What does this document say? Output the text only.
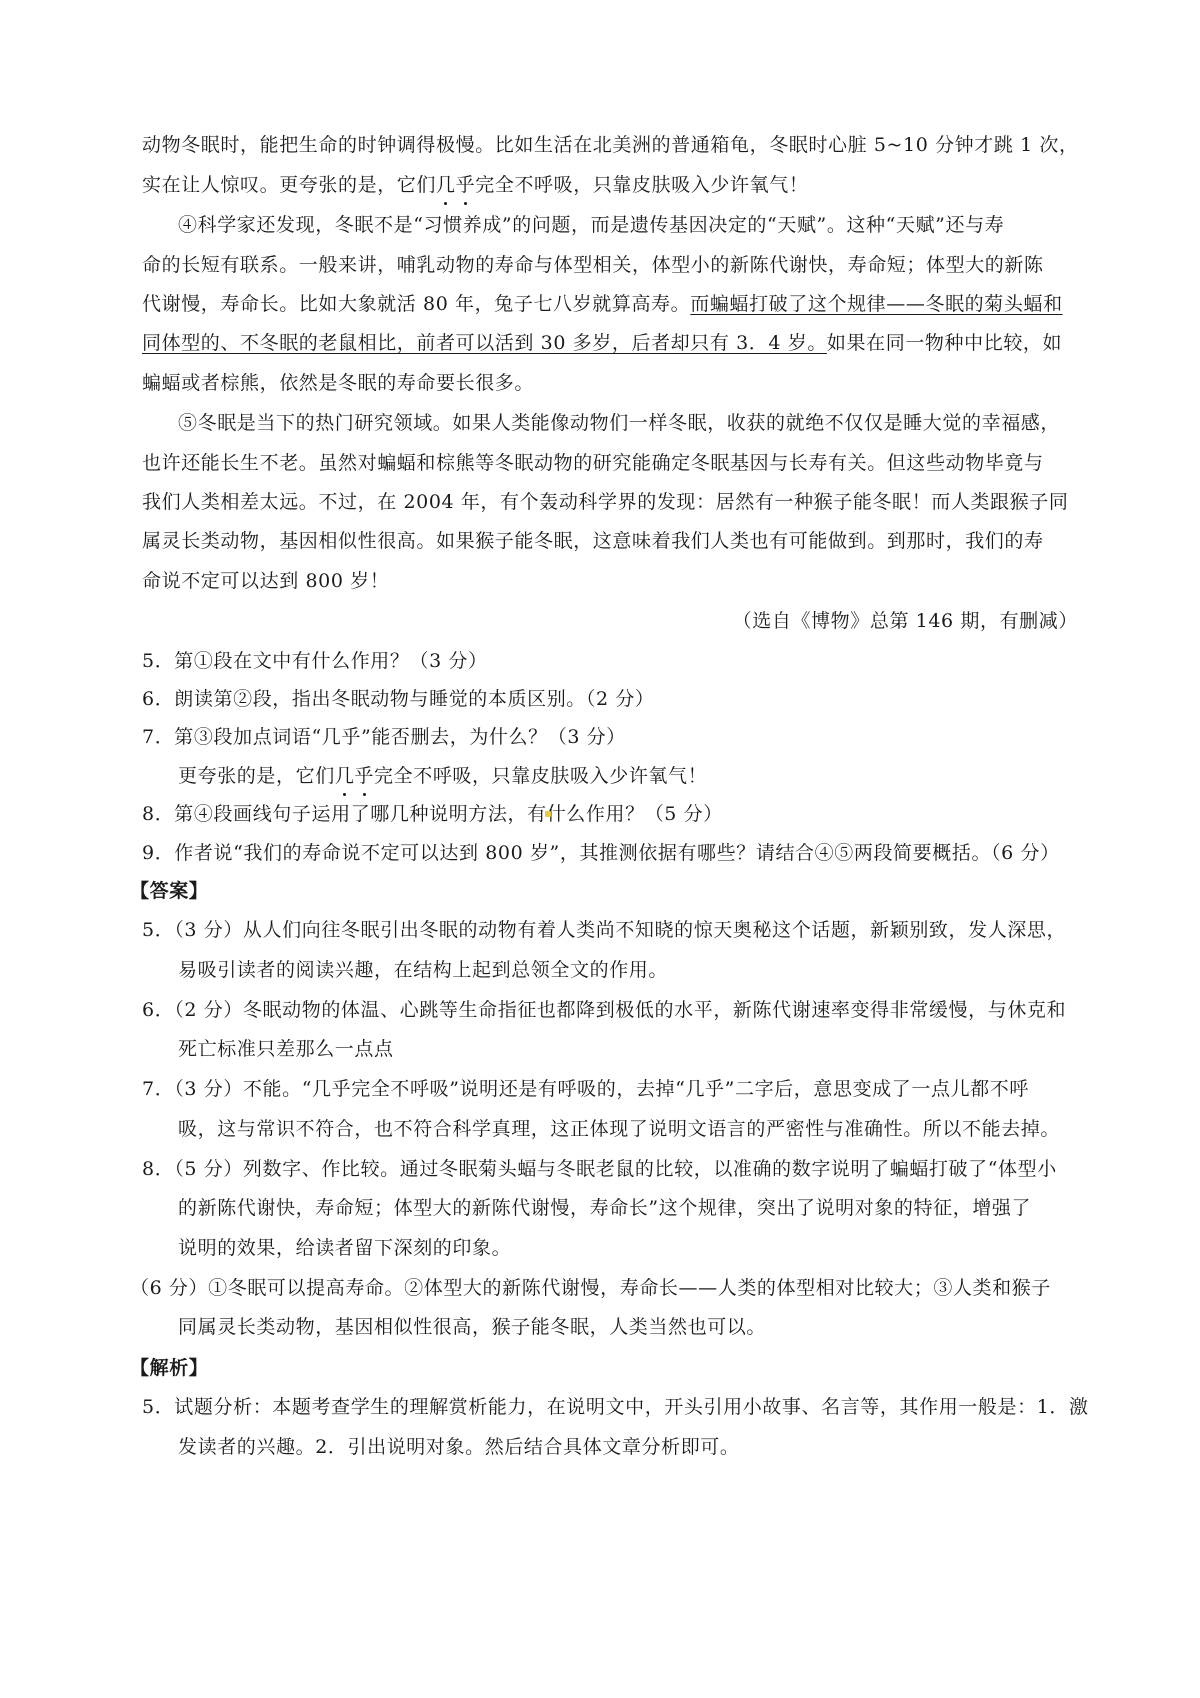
动物冬眠时，能把生命的时钟调得极慢。比如生活在北美洲的普通箱龟，冬眠时心脏 5~10 分钟才跳 1 次，
实在让人惊叹。更夸张的是，它们几乎完全不呼吸，只靠皮肤吸入少许氧气！
④科学家还发现，冬眠不是“习惯养成”的问题，而是遗传基因决定的“天赋”。这种“天赋”还与寿
命的长短有联系。一般来讲，哺乳动物的寿命与体型相关，体型小的新陈代谢快，寿命短；体型大的新陈
代谢慢，寿命长。比如大象就活 80 年，兔子七八岁就算高寿。而蝙蝠打破了这个规律——冬眠的菊头蝠和
同体型的、不冬眠的老鼠相比，前者可以活到 30 多岁，后者却只有 3．4 岁。如果在同一物种中比较，如
蝙蝠或者棕熊，依然是冬眠的寿命要长很多。
⑤冬眠是当下的热门研究领域。如果人类能像动物们一样冬眠，收获的就绝不仅仅是睡大觉的幸福感，
也许还能长生不老。虽然对蝙蝠和棕熊等冬眠动物的研究能确定冬眠基因与长寿有关。但这些动物毕竟与
我们人类相差太远。不过，在 2004 年，有个轰动科学界的发现：居然有一种猴子能冬眠！而人类跟猴子同
属灵长类动物，基因相似性很高。如果猴子能冬眠，这意味着我们人类也有可能做到。到那时，我们的寿
命说不定可以达到 800 岁！
（选自《博物》总第 146 期，有删减）
5．第①段在文中有什么作用？（3 分）
6．朗读第②段，指出冬眠动物与睡觉的本质区别。（2 分）
7．第③段加点词语“几乎”能否删去，为什么？（3 分）
更夸张的是，它们几乎完全不呼吸，只靠皮肤吸入少许氧气！
8．第④段画线句子运用了哪几种说明方法，有什么作用？（5 分）
9．作者说“我们的寿命说不定可以达到 800 岁”，其推测依据有哪些？请结合④⑤两段简要概括。（6 分）
【答案】
5．（3 分）从人们向往冬眠引出冬眠的动物有着人类尚不知晓的惊天奥秘这个话题，新颖别致，发人深思，
易吸引读者的阅读兴趣，在结构上起到总领全文的作用。
6．（2 分）冬眠动物的体温、心跳等生命指征也都降到极低的水平，新陈代谢速率变得非常缓慢，与休克和
死亡标准只差那么一点点
7．（3 分）不能。“几乎完全不呼吸”说明还是有呼吸的，去掉“几乎”二字后，意思变成了一点儿都不呼
吸，这与常识不符合，也不符合科学真理，这正体现了说明文语言的严密性与准确性。所以不能去掉。
8．（5 分）列数字、作比较。通过冬眠菊头蝠与冬眠老鼠的比较，以准确的数字说明了蝙蝠打破了“体型小
的新陈代谢快，寿命短；体型大的新陈代谢慢，寿命长”这个规律，突出了说明对象的特征，增强了
说明的效果，给读者留下深刻的印象。
（6 分）①冬眠可以提高寿命。②体型大的新陈代谢慢，寿命长——人类的体型相对比较大；③人类和猴子
同属灵长类动物，基因相似性很高，猴子能冬眠，人类当然也可以。
【解析】
5．试题分析：本题考查学生的理解赏析能力，在说明文中，开头引用小故事、名言等，其作用一般是：1．激
发读者的兴趣。2．引出说明对象。然后结合具体文章分析即可。
